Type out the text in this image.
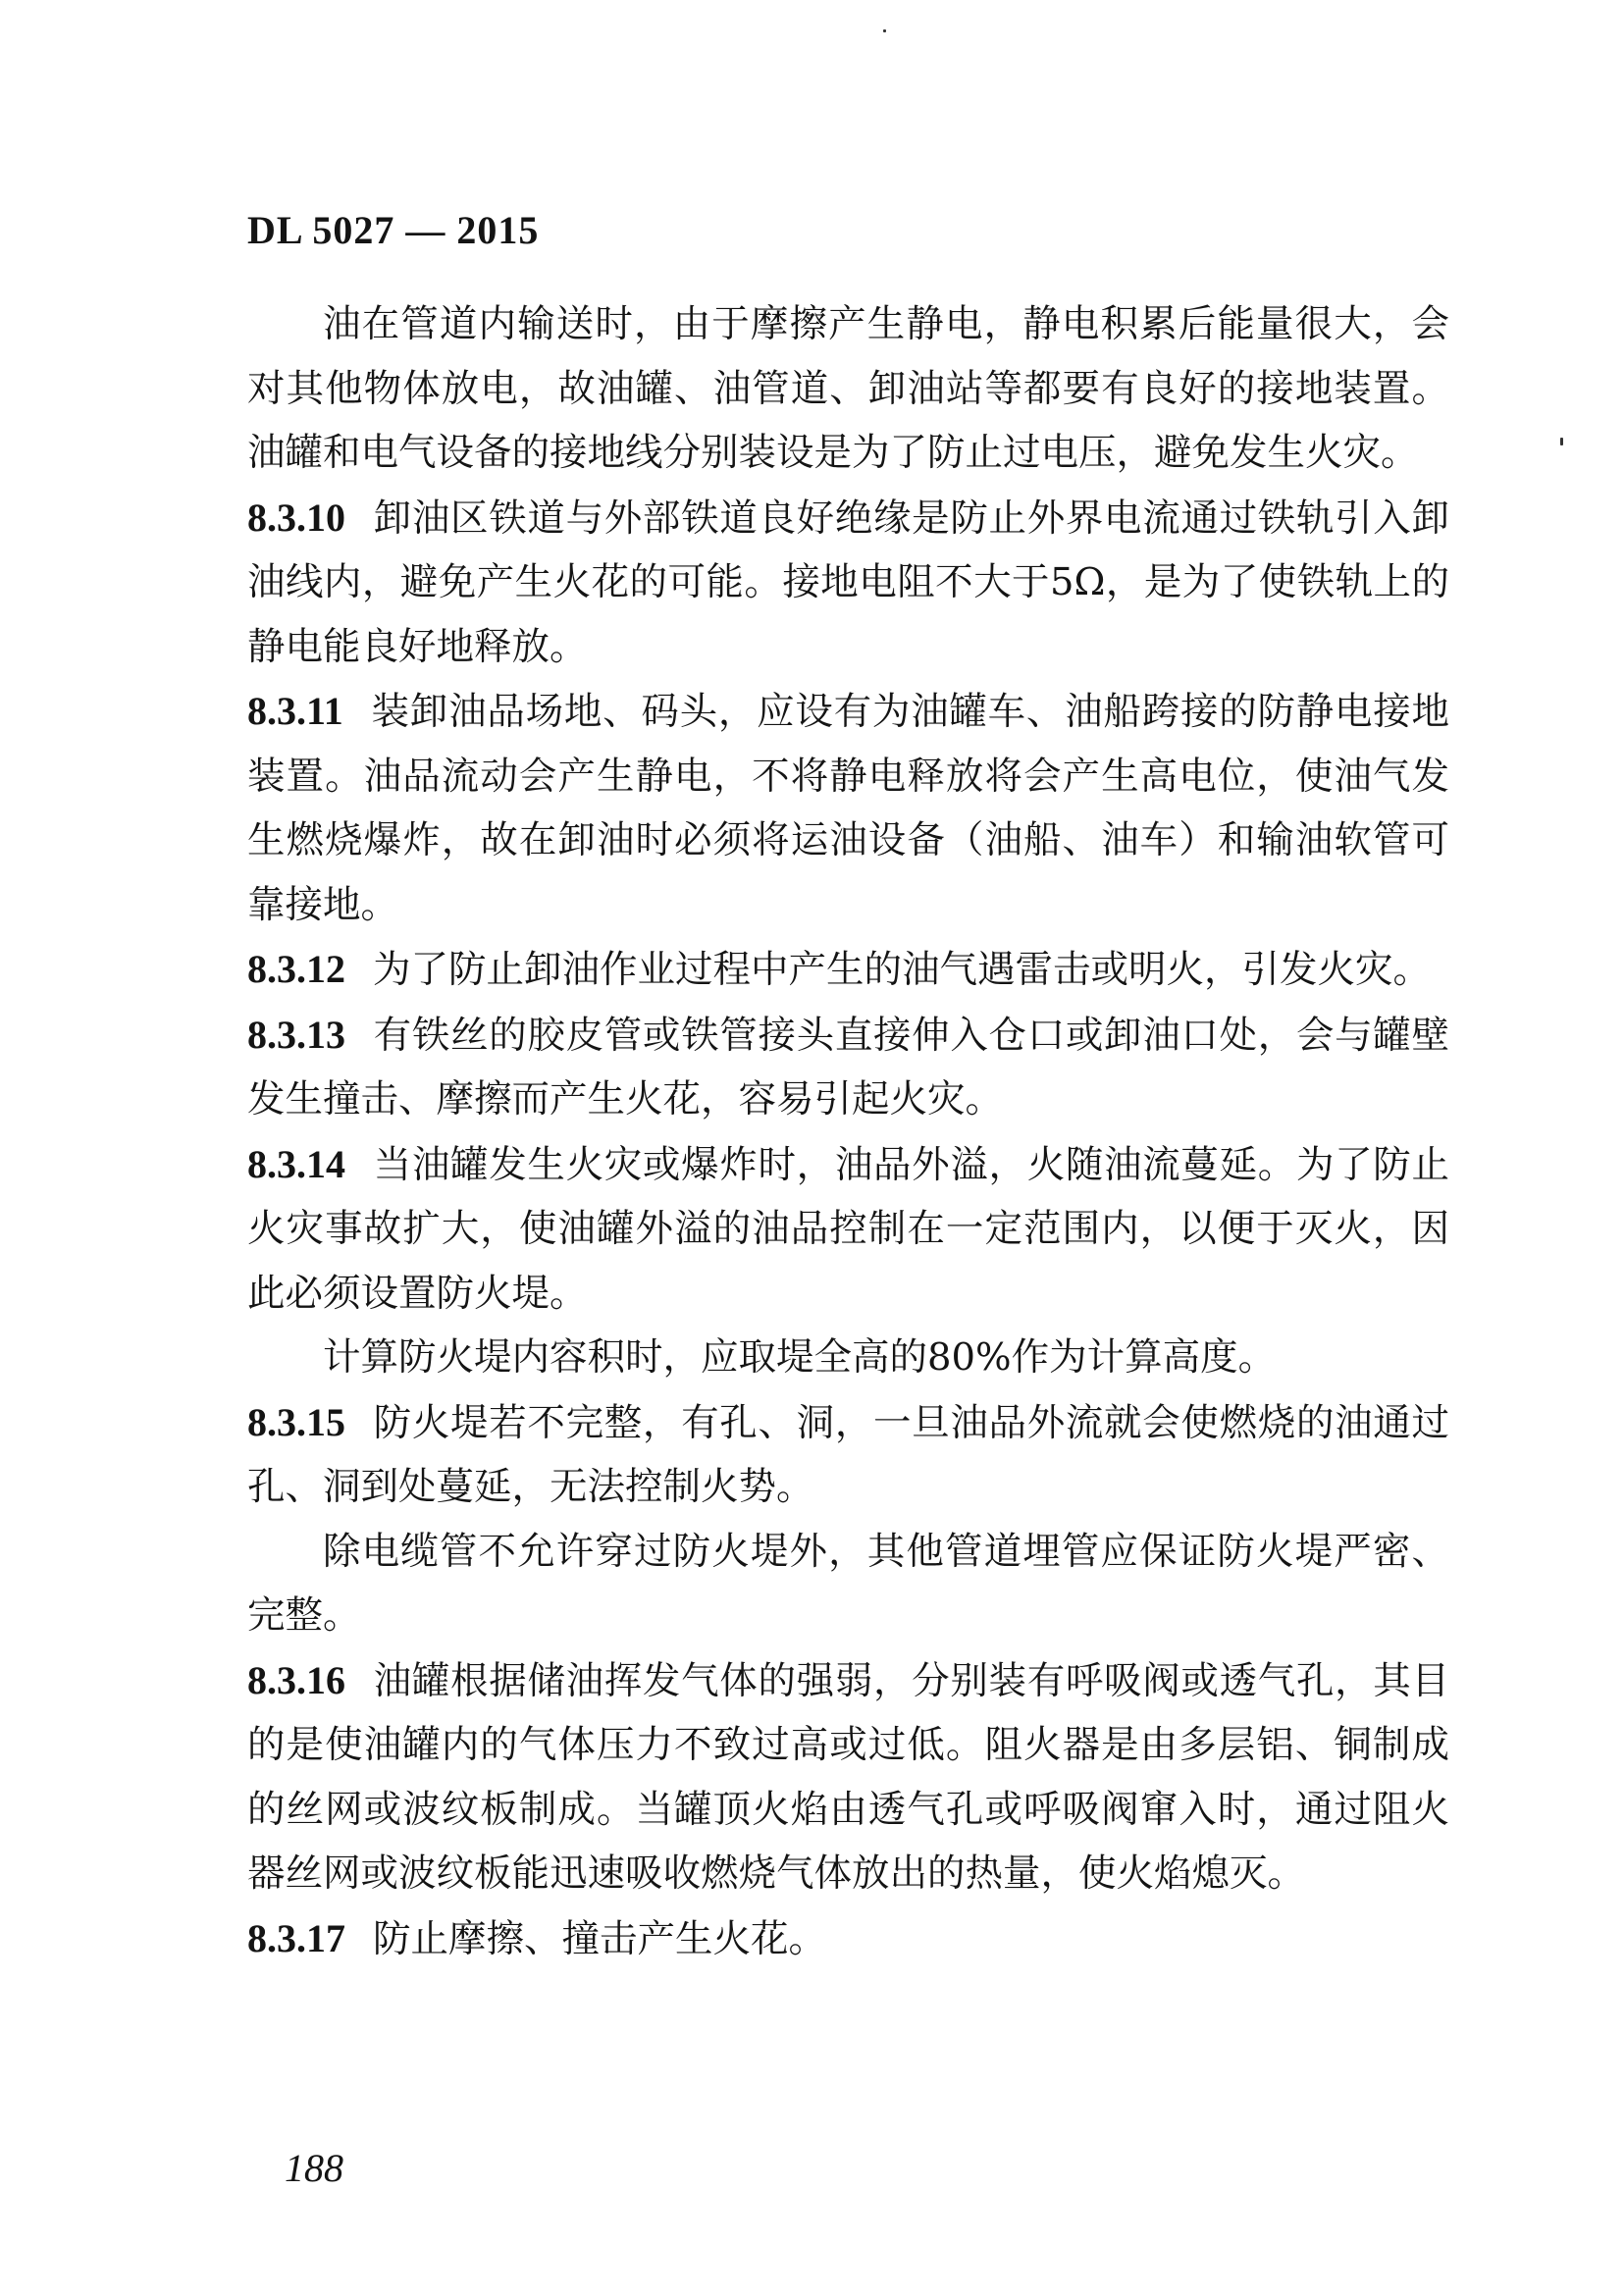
DL 5027 — 2015

油在管道内输送时，由于摩擦产生静电，静电积累后能量很大，会对其他物体放电，故油罐、油管道、卸油站等都要有良好的接地装置。油罐和电气设备的接地线分别装设是为了防止过电压，避免发生火灾。

8.3.10 卸油区铁道与外部铁道良好绝缘是防止外界电流通过铁轨引入卸油线内，避免产生火花的可能。接地电阻不大于5Ω，是为了使铁轨上的静电能良好地释放。

8.3.11 装卸油品场地、码头，应设有为油罐车、油船跨接的防静电接地装置。油品流动会产生静电，不将静电释放将会产生高电位，使油气发生燃烧爆炸，故在卸油时必须将运油设备（油船、油车）和输油软管可靠接地。

8.3.12 为了防止卸油作业过程中产生的油气遇雷击或明火，引发火灾。

8.3.13 有铁丝的胶皮管或铁管接头直接伸入仓口或卸油口处，会与罐壁发生撞击、摩擦而产生火花，容易引起火灾。

8.3.14 当油罐发生火灾或爆炸时，油品外溢，火随油流蔓延。为了防止火灾事故扩大，使油罐外溢的油品控制在一定范围内，以便于灭火，因此必须设置防火堤。

计算防火堤内容积时，应取堤全高的80%作为计算高度。

8.3.15 防火堤若不完整，有孔、洞，一旦油品外流就会使燃烧的油通过孔、洞到处蔓延，无法控制火势。

除电缆管不允许穿过防火堤外，其他管道埋管应保证防火堤严密、完整。

8.3.16 油罐根据储油挥发气体的强弱，分别装有呼吸阀或透气孔，其目的是使油罐内的气体压力不致过高或过低。阻火器是由多层铝、铜制成的丝网或波纹板制成。当罐顶火焰由透气孔或呼吸阀窜入时，通过阻火器丝网或波纹板能迅速吸收燃烧气体放出的热量，使火焰熄灭。

8.3.17 防止摩擦、撞击产生火花。

188
